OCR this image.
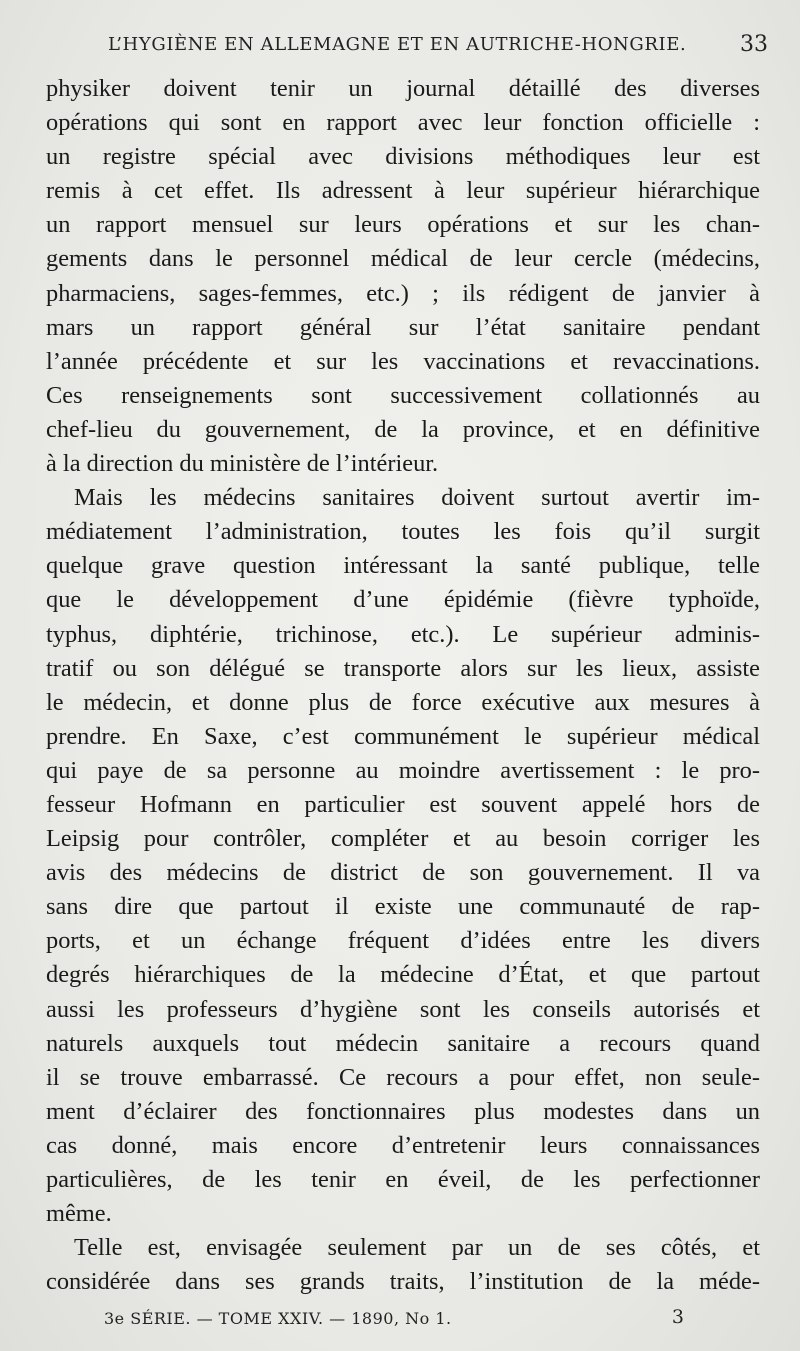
L’HYGIÈNE EN ALLEMAGNE ET EN AUTRICHE-HONGRIE. 33
physiker doivent tenir un journal détaillé des diverses
opérations qui sont en rapport avec leur fonction officielle :
un registre spécial avec divisions méthodiques leur est
remis à cet effet. Ils adressent à leur supérieur hiérarchique
un rapport mensuel sur leurs opérations et sur les chan-
gements dans le personnel médical de leur cercle (médecins,
pharmaciens, sages-femmes, etc.) ; ils rédigent de janvier à
mars un rapport général sur l’état sanitaire pendant
l’année précédente et sur les vaccinations et revaccinations.
Ces renseignements sont successivement collationnés au
chef-lieu du gouvernement, de la province, et en définitive
à la direction du ministère de l’intérieur.
Mais les médecins sanitaires doivent surtout avertir im-
médiatement l’administration, toutes les fois qu’il surgit
quelque grave question intéressant la santé publique, telle
que le développement d’une épidémie (fièvre typhoïde,
typhus, diphtérie, trichinose, etc.). Le supérieur adminis-
tratif ou son délégué se transporte alors sur les lieux, assiste
le médecin, et donne plus de force exécutive aux mesures à
prendre. En Saxe, c’est communément le supérieur médical
qui paye de sa personne au moindre avertissement : le pro-
fesseur Hofmann en particulier est souvent appelé hors de
Leipsig pour contrôler, compléter et au besoin corriger les
avis des médecins de district de son gouvernement. Il va
sans dire que partout il existe une communauté de rap-
ports, et un échange fréquent d’idées entre les divers
degrés hiérarchiques de la médecine d’État, et que partout
aussi les professeurs d’hygiène sont les conseils autorisés et
naturels auxquels tout médecin sanitaire a recours quand
il se trouve embarrassé. Ce recours a pour effet, non seule-
ment d’éclairer des fonctionnaires plus modestes dans un
cas donné, mais encore d’entretenir leurs connaissances
particulières, de les tenir en éveil, de les perfectionner
même.
Telle est, envisagée seulement par un de ses côtés, et
considérée dans ses grands traits, l’institution de la méde-
3e SÉRIE. — TOME XXIV. — 1890, No 1.	3
